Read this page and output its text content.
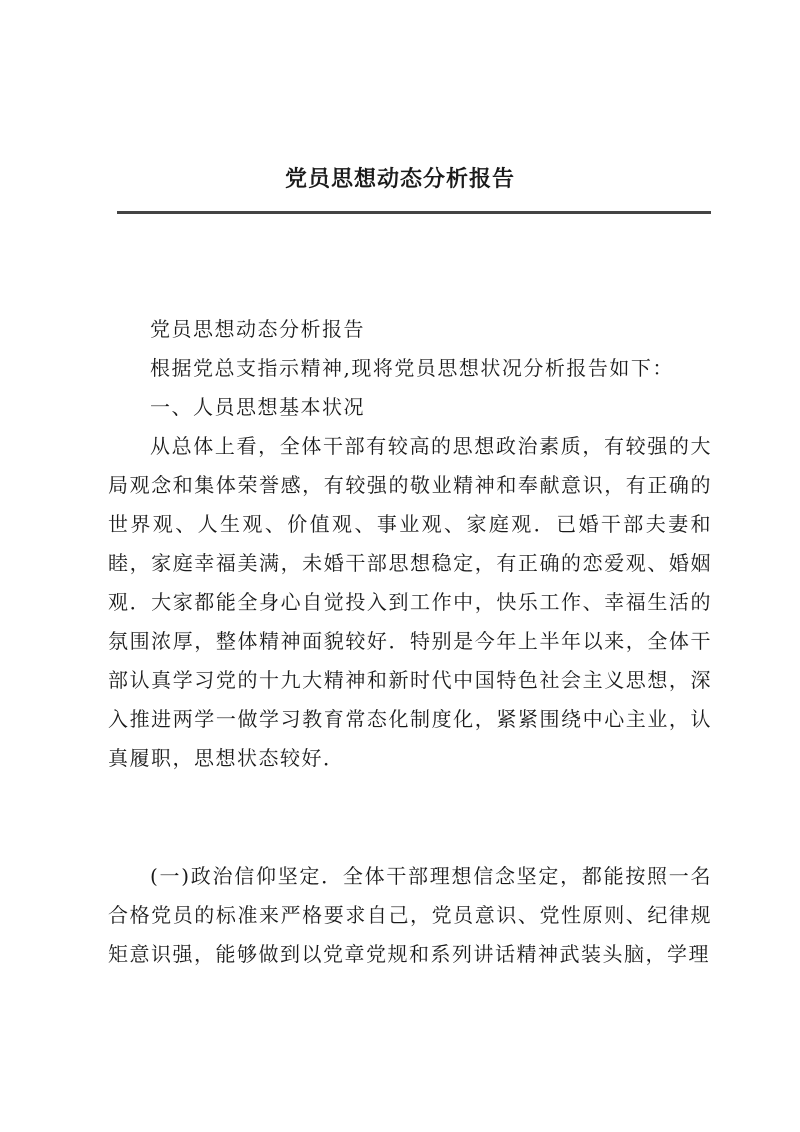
党员思想动态分析报告

党员思想动态分析报告

根据党总支指示精神,现将党员思想状况分析报告如下：

一、人员思想基本状况

从总体上看，全体干部有较高的思想政治素质，有较强的大局观念和集体荣誉感，有较强的敬业精神和奉献意识，有正确的世界观、人生观、价值观、事业观、家庭观．已婚干部夫妻和睦，家庭幸福美满，未婚干部思想稳定，有正确的恋爱观、婚姻观．大家都能全身心自觉投入到工作中，快乐工作、幸福生活的氛围浓厚，整体精神面貌较好．特别是今年上半年以来，全体干部认真学习党的十九大精神和新时代中国特色社会主义思想，深入推进两学一做学习教育常态化制度化，紧紧围绕中心主业，认真履职，思想状态较好．

(一)政治信仰坚定．全体干部理想信念坚定，都能按照一名合格党员的标准来严格要求自己，党员意识、党性原则、纪律规矩意识强，能够做到以党章党规和系列讲话精神武装头脑，学理
